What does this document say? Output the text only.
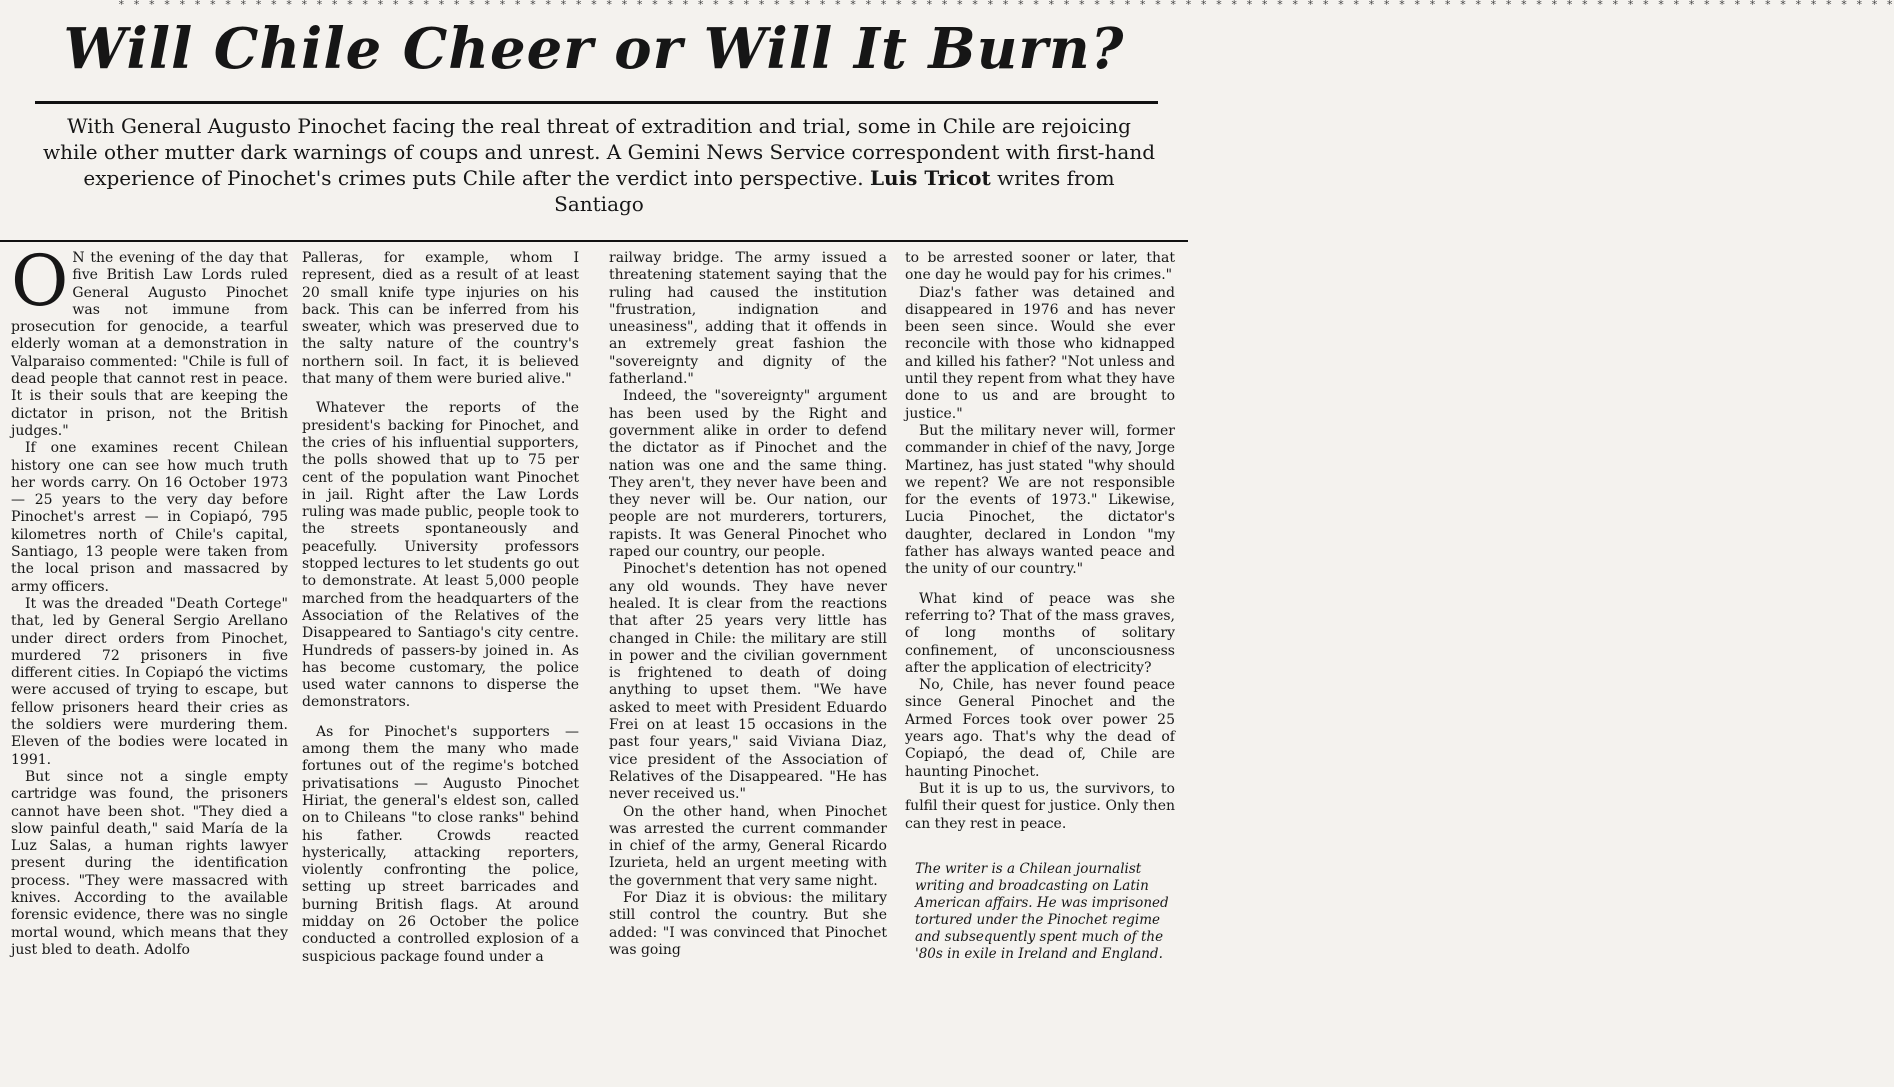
* * * * * * * * * * * * * * * * * * * * * * * * * * * * * * * * * * * * * * * * * * * * * * * * * * * * * * * * * * * * * * * * * * * * * * * * * * * * * * * * * * * * * * * * * * * * * * * * * * * * * * * * * * * * * * * * * * * * *
Will Chile Cheer or Will It Burn?
With General Augusto Pinochet facing the real threat of extradition and trial, some in Chile are rejoicing while other mutter dark warnings of coups and unrest. A Gemini News Service correspondent with first-hand experience of Pinochet's crimes puts Chile after the verdict into perspective. Luis Tricot writes from Santiago

O N the evening of the day that five British Law Lords ruled General Augusto Pinochet was not immune from prosecution for genocide, a tearful elderly woman at a demonstration in Valparaiso commented: "Chile is full of dead people that cannot rest in peace. It is their souls that are keeping the dictator in prison, not the British judges."

If one examines recent Chilean history one can see how much truth her words carry. On 16 October 1973 — 25 years to the very day before Pinochet's arrest — in Copiapó, 795 kilometres north of Chile's capital, Santiago, 13 people were taken from the local prison and massacred by army officers.

It was the dreaded "Death Cortege" that, led by General Sergio Arellano under direct orders from Pinochet, murdered 72 prisoners in five different cities. In Copiapó the victims were accused of trying to escape, but fellow prisoners heard their cries as the soldiers were murdering them. Eleven of the bodies were located in 1991.

But since not a single empty cartridge was found, the prisoners cannot have been shot. "They died a slow painful death," said María de la Luz Salas, a human rights lawyer present during the identification process. "They were massacred with knives. According to the available forensic evidence, there was no single mortal wound, which means that they just bled to death. Adolfo

Palleras, for example, whom I represent, died as a result of at least 20 small knife type injuries on his back. This can be inferred from his sweater, which was preserved due to the salty nature of the country's northern soil. In fact, it is believed that many of them were buried alive."

Whatever the reports of the president's backing for Pinochet, and the cries of his influential supporters, the polls showed that up to 75 per cent of the population want Pinochet in jail. Right after the Law Lords ruling was made public, people took to the streets spontaneously and peacefully. University professors stopped lectures to let students go out to demonstrate. At least 5,000 people marched from the headquarters of the Association of the Relatives of the Disappeared to Santiago's city centre. Hundreds of passers-by joined in. As has become customary, the police used water cannons to disperse the demonstrators.

As for Pinochet's supporters — among them the many who made fortunes out of the regime's botched privatisations — Augusto Pinochet Hiriat, the general's eldest son, called on to Chileans "to close ranks" behind his father. Crowds reacted hysterically, attacking reporters, violently confronting the police, setting up street barricades and burning British flags. At around midday on 26 October the police conducted a controlled explosion of a suspicious package found under a

railway bridge. The army issued a threatening statement saying that the ruling had caused the institution "frustration, indignation and uneasiness", adding that it offends in an extremely great fashion the "sovereignty and dignity of the fatherland."

Indeed, the "sovereignty" argument has been used by the Right and government alike in order to defend the dictator as if Pinochet and the nation was one and the same thing. They aren't, they never have been and they never will be. Our nation, our people are not murderers, torturers, rapists. It was General Pinochet who raped our country, our people.

Pinochet's detention has not opened any old wounds. They have never healed. It is clear from the reactions that after 25 years very little has changed in Chile: the military are still in power and the civilian government is frightened to death of doing anything to upset them. "We have asked to meet with President Eduardo Frei on at least 15 occasions in the past four years," said Viviana Diaz, vice president of the Association of Relatives of the Disappeared. "He has never received us."

On the other hand, when Pinochet was arrested the current commander in chief of the army, General Ricardo Izurieta, held an urgent meeting with the government that very same night.

For Diaz it is obvious: the military still control the country. But she added: "I was convinced that Pinochet was going

to be arrested sooner or later, that one day he would pay for his crimes."

Diaz's father was detained and disappeared in 1976 and has never been seen since. Would she ever reconcile with those who kidnapped and killed his father? "Not unless and until they repent from what they have done to us and are brought to justice."

But the military never will, former commander in chief of the navy, Jorge Martinez, has just stated "why should we repent? We are not responsible for the events of 1973." Likewise, Lucia Pinochet, the dictator's daughter, declared in London "my father has always wanted peace and the unity of our country."

What kind of peace was she referring to? That of the mass graves, of long months of solitary confinement, of unconsciousness after the application of electricity?

No, Chile, has never found peace since General Pinochet and the Armed Forces took over power 25 years ago. That's why the dead of Copiapó, the dead of, Chile are haunting Pinochet.

But it is up to us, the survivors, to fulfil their quest for justice. Only then can they rest in peace.

The writer is a Chilean journalist writing and broadcasting on Latin American affairs. He was imprisoned tortured under the Pinochet regime and subsequently spent much of the '80s in exile in Ireland and England.
